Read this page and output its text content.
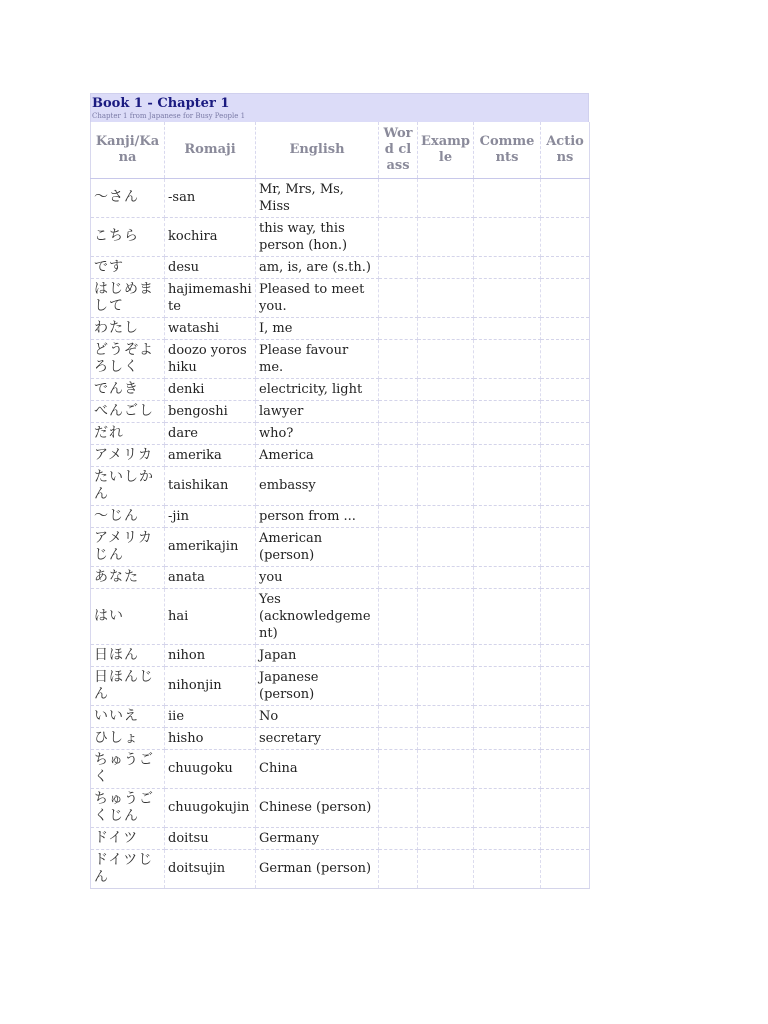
Book 1 - Chapter 1
Chapter 1 from Japanese for Busy People 1
Kanji/Kana	Romaji	English	Word class	Example	Comments	Actions
〜さん	-san	Mr, Mrs, Ms, Miss				
こちら	kochira	this way, this person (hon.)				
です	desu	am, is, are (s.th.)				
はじめまして	hajimemashite	Pleased to meet you.				
わたし	watashi	I, me				
どうぞよろしく	doozo yoroshiku	Please favour me.				
でんき	denki	electricity, light				
べんごし	bengoshi	lawyer				
だれ	dare	who?				
アメリカ	amerika	America				
たいしかん	taishikan	embassy				
〜じん	-jin	person from ...				
アメリカじん	amerikajin	American (person)				
あなた	anata	you				
はい	hai	Yes (acknowledgement)				
日ほん	nihon	Japan				
日ほんじん	nihonjin	Japanese (person)				
いいえ	iie	No				
ひしょ	hisho	secretary				
ちゅうごく	chuugoku	China				
ちゅうごくじん	chuugokujin	Chinese (person)				
ドイツ	doitsu	Germany				
ドイツじん	doitsujin	German (person)				
